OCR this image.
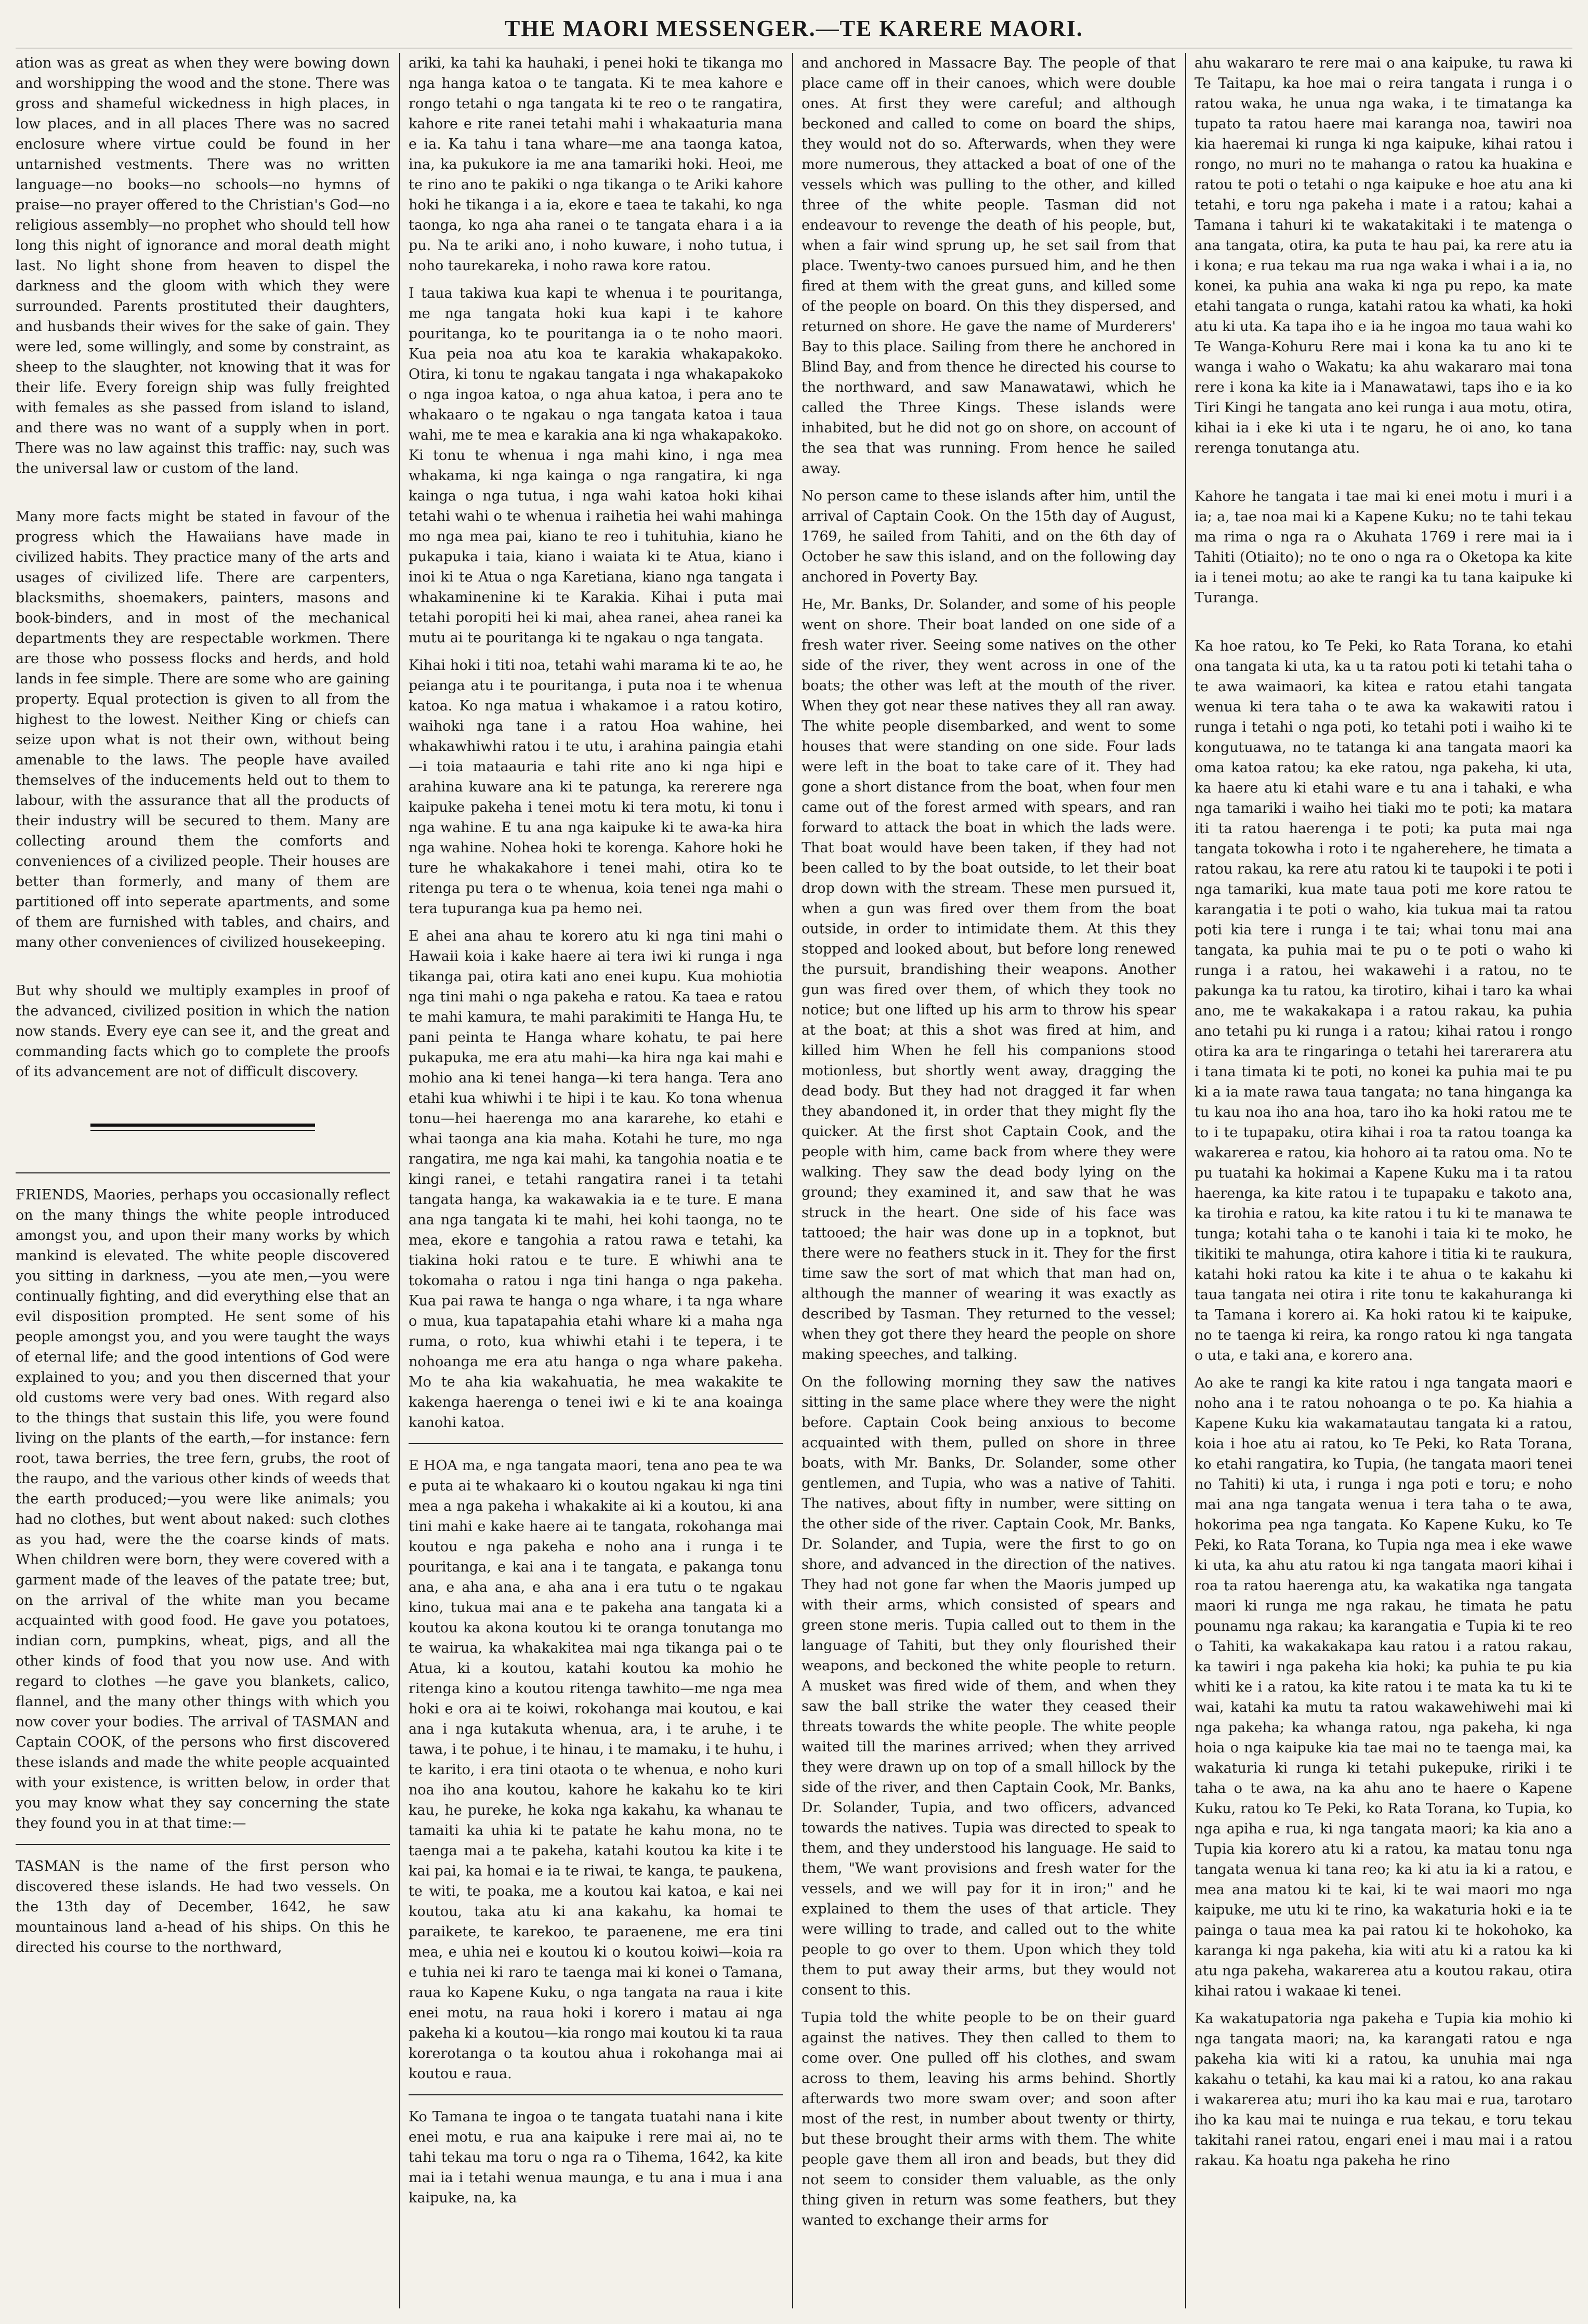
THE MAORI MESSENGER.—TE KARERE MAORI.

ation was as great as when they were bowing down and worshipping the wood and the stone. There was gross and shameful wickedness in high places, in low places, and in all places There was no sacred enclosure where virtue could be found in her untarnished vestments. There was no written language—no books—no schools—no hymns of praise—no prayer offered to the Christian's God—no religious assembly—no prophet who should tell how long this night of ignorance and moral death might last. No light shone from heaven to dispel the darkness and the gloom with which they were surrounded. Parents prostituted their daughters, and husbands their wives for the sake of gain. They were led, some willingly, and some by constraint, as sheep to the slaughter, not knowing that it was for their life. Every foreign ship was fully freighted with females as she passed from island to island, and there was no want of a supply when in port. There was no law against this traffic: nay, such was the universal law or custom of the land.

Many more facts might be stated in favour of the progress which the Hawaiians have made in civilized habits. They practice many of the arts and usages of civilized life. There are carpenters, blacksmiths, shoemakers, painters, masons and book-binders, and in most of the mechanical departments they are respectable workmen. There are those who possess flocks and herds, and hold lands in fee simple. There are some who are gaining property. Equal protection is given to all from the highest to the lowest. Neither King or chiefs can seize upon what is not their own, without being amenable to the laws. The people have availed themselves of the inducements held out to them to labour, with the assurance that all the products of their industry will be secured to them. Many are collecting around them the comforts and conveniences of a civilized people. Their houses are better than formerly, and many of them are partitioned off into seperate apartments, and some of them are furnished with tables, and chairs, and many other conveniences of civilized housekeeping.

But why should we multiply examples in proof of the advanced, civilized position in which the nation now stands. Every eye can see it, and the great and commanding facts which go to complete the proofs of its advancement are not of difficult discovery.

FRIENDS, Maories, perhaps you occasionally reflect on the many things the white people introduced amongst you, and upon their many works by which mankind is elevated. The white people discovered you sitting in darkness, —you ate men,—you were continually fighting, and did everything else that an evil disposition prompted. He sent some of his people amongst you, and you were taught the ways of eternal life; and the good intentions of God were explained to you; and you then discerned that your old customs were very bad ones. With regard also to the things that sustain this life, you were found living on the plants of the earth,—for instance: fern root, tawa berries, the tree fern, grubs, the root of the raupo, and the various other kinds of weeds that the earth produced;—you were like animals; you had no clothes, but went about naked: such clothes as you had, were the the coarse kinds of mats. When children were born, they were covered with a garment made of the leaves of the patate tree; but, on the arrival of the white man you became acquainted with good food. He gave you potatoes, indian corn, pumpkins, wheat, pigs, and all the other kinds of food that you now use. And with regard to clothes —he gave you blankets, calico, flannel, and the many other things with which you now cover your bodies. The arrival of TASMAN and Captain COOK, of the persons who first discovered these islands and made the white people acquainted with your existence, is written below, in order that you may know what they say concerning the state they found you in at that time:—

TASMAN is the name of the first person who discovered these islands. He had two vessels. On the 13th day of December, 1642, he saw mountainous land a-head of his ships. On this he directed his course to the northward,

ariki, ka tahi ka hauhaki, i penei hoki te tikanga mo nga hanga katoa o te tangata. Ki te mea kahore e rongo tetahi o nga tangata ki te reo o te rangatira, kahore e rite ranei tetahi mahi i whakaaturia mana e ia. Ka tahu i tana whare—me ana taonga katoa, ina, ka pukukore ia me ana tamariki hoki. Heoi, me te rino ano te pakiki o nga tikanga o te Ariki kahore hoki he tikanga i a ia, ekore e taea te takahi, ko nga taonga, ko nga aha ranei o te tangata ehara i a ia pu. Na te ariki ano, i noho kuware, i noho tutua, i noho taurekareka, i noho rawa kore ratou.

I taua takiwa kua kapi te whenua i te pouritanga, me nga tangata hoki kua kapi i te kahore pouritanga, ko te pouritanga ia o te noho maori. Kua peia noa atu koa te karakia whakapakoko. Otira, ki tonu te ngakau tangata i nga whakapakoko o nga ingoa katoa, o nga ahua katoa, i pera ano te whakaaro o te ngakau o nga tangata katoa i taua wahi, me te mea e karakia ana ki nga whakapakoko. Ki tonu te whenua i nga mahi kino, i nga mea whakama, ki nga kainga o nga rangatira, ki nga kainga o nga tutua, i nga wahi katoa hoki kihai tetahi wahi o te whenua i raihetia hei wahi mahinga mo nga mea pai, kiano te reo i tuhituhia, kiano he pukapuka i taia, kiano i waiata ki te Atua, kiano i inoi ki te Atua o nga Karetiana, kiano nga tangata i whakaminenine ki te Karakia. Kihai i puta mai tetahi poropiti hei ki mai, ahea ranei, ahea ranei ka mutu ai te pouritanga ki te ngakau o nga tangata.

Kihai hoki i titi noa, tetahi wahi marama ki te ao, he peianga atu i te pouritanga, i puta noa i te whenua katoa. Ko nga matua i whakamoe i a ratou kotiro, waihoki nga tane i a ratou Hoa wahine, hei whakawhiwhi ratou i te utu, i arahina paingia etahi—i toia mataauria e tahi rite ano ki nga hipi e arahina kuware ana ki te patunga, ka rererere nga kaipuke pakeha i tenei motu ki tera motu, ki tonu i nga wahine. E tu ana nga kaipuke ki te awa-ka hira nga wahine. Nohea hoki te korenga. Kahore hoki he ture he whakakahore i tenei mahi, otira ko te ritenga pu tera o te whenua, koia tenei nga mahi o tera tupuranga kua pa hemo nei.

E ahei ana ahau te korero atu ki nga tini mahi o Hawaii koia i kake haere ai tera iwi ki runga i nga tikanga pai, otira kati ano enei kupu. Kua mohiotia nga tini mahi o nga pakeha e ratou. Ka taea e ratou te mahi kamura, te mahi parakimiti te Hanga Hu, te pani peinta te Hanga whare kohatu, te pai here pukapuka, me era atu mahi—ka hira nga kai mahi e mohio ana ki tenei hanga—ki tera hanga. Tera ano etahi kua whiwhi i te hipi i te kau. Ko tona whenua tonu—hei haerenga mo ana kararehe, ko etahi e whai taonga ana kia maha. Kotahi he ture, mo nga rangatira, me nga kai mahi, ka tangohia noatia e te kingi ranei, e tetahi rangatira ranei i ta tetahi tangata hanga, ka wakawakia ia e te ture. E mana ana nga tangata ki te mahi, hei kohi taonga, no te mea, ekore e tangohia a ratou rawa e tetahi, ka tiakina hoki ratou e te ture. E whiwhi ana te tokomaha o ratou i nga tini hanga o nga pakeha. Kua pai rawa te hanga o nga whare, i ta nga whare o mua, kua tapatapahia etahi whare ki a maha nga ruma, o roto, kua whiwhi etahi i te tepera, i te nohoanga me era atu hanga o nga whare pakeha. Mo te aha kia wakahuatia, he mea wakakite te kakenga haerenga o tenei iwi e ki te ana koainga kanohi katoa.

E HOA ma, e nga tangata maori, tena ano pea te wa e puta ai te whakaaro ki o koutou ngakau ki nga tini mea a nga pakeha i whakakite ai ki a koutou, ki ana tini mahi e kake haere ai te tangata, rokohanga mai koutou e nga pakeha e noho ana i runga i te pouritanga, e kai ana i te tangata, e pakanga tonu ana, e aha ana, e aha ana i era tutu o te ngakau kino, tukua mai ana e te pakeha ana tangata ki a koutou ka akona koutou ki te oranga tonutanga mo te wairua, ka whakakitea mai nga tikanga pai o te Atua, ki a koutou, katahi koutou ka mohio he ritenga kino a koutou ritenga tawhito—me nga mea hoki e ora ai te koiwi, rokohanga mai koutou, e kai ana i nga kutakuta whenua, ara, i te aruhe, i te tawa, i te pohue, i te hinau, i te mamaku, i te huhu, i te karito, i era tini otaota o te whenua, e noho kuri noa iho ana koutou, kahore he kakahu ko te kiri kau, he pureke, he koka nga kakahu, ka whanau te tamaiti ka uhia ki te patate he kahu mona, no te taenga mai a te pakeha, katahi koutou ka kite i te kai pai, ka homai e ia te riwai, te kanga, te paukena, te witi, te poaka, me a koutou kai katoa, e kai nei koutou, taka atu ki ana kakahu, ka homai te paraikete, te karekoo, te paraenene, me era tini mea, e uhia nei e koutou ki o koutou koiwi—koia ra e tuhia nei ki raro te taenga mai ki konei o Tamana, raua ko Kapene Kuku, o nga tangata na raua i kite enei motu, na raua hoki i korero i matau ai nga pakeha ki a koutou—kia rongo mai koutou ki ta raua korerotanga o ta koutou ahua i rokohanga mai ai koutou e raua.

Ko Tamana te ingoa o te tangata tuatahi nana i kite enei motu, e rua ana kaipuke i rere mai ai, no te tahi tekau ma toru o nga ra o Tihema, 1642, ka kite mai ia i tetahi wenua maunga, e tu ana i mua i ana kaipuke, na, ka

and anchored in Massacre Bay. The people of that place came off in their canoes, which were double ones. At first they were careful; and although beckoned and called to come on board the ships, they would not do so. Afterwards, when they were more numerous, they attacked a boat of one of the vessels which was pulling to the other, and killed three of the white people. Tasman did not endeavour to revenge the death of his people, but, when a fair wind sprung up, he set sail from that place. Twenty-two canoes pursued him, and he then fired at them with the great guns, and killed some of the people on board. On this they dispersed, and returned on shore. He gave the name of Murderers' Bay to this place. Sailing from there he anchored in Blind Bay, and from thence he directed his course to the northward, and saw Manawatawi, which he called the Three Kings. These islands were inhabited, but he did not go on shore, on account of the sea that was running. From hence he sailed away.

No person came to these islands after him, until the arrival of Captain Cook. On the 15th day of August, 1769, he sailed from Tahiti, and on the 6th day of October he saw this island, and on the following day anchored in Poverty Bay.

He, Mr. Banks, Dr. Solander, and some of his people went on shore. Their boat landed on one side of a fresh water river. Seeing some natives on the other side of the river, they went across in one of the boats; the other was left at the mouth of the river. When they got near these natives they all ran away. The white people disembarked, and went to some houses that were standing on one side. Four lads were left in the boat to take care of it. They had gone a short distance from the boat, when four men came out of the forest armed with spears, and ran forward to attack the boat in which the lads were. That boat would have been taken, if they had not been called to by the boat outside, to let their boat drop down with the stream. These men pursued it, when a gun was fired over them from the boat outside, in order to intimidate them. At this they stopped and looked about, but before long renewed the pursuit, brandishing their weapons. Another gun was fired over them, of which they took no notice; but one lifted up his arm to throw his spear at the boat; at this a shot was fired at him, and killed him When he fell his companions stood motionless, but shortly went away, dragging the dead body. But they had not dragged it far when they abandoned it, in order that they might fly the quicker. At the first shot Captain Cook, and the people with him, came back from where they were walking. They saw the dead body lying on the ground; they examined it, and saw that he was struck in the heart. One side of his face was tattooed; the hair was done up in a topknot, but there were no feathers stuck in it. They for the first time saw the sort of mat which that man had on, although the manner of wearing it was exactly as described by Tasman. They returned to the vessel; when they got there they heard the people on shore making speeches, and talking.

On the following morning they saw the natives sitting in the same place where they were the night before. Captain Cook being anxious to become acquainted with them, pulled on shore in three boats, with Mr. Banks, Dr. Solander, some other gentlemen, and Tupia, who was a native of Tahiti. The natives, about fifty in number, were sitting on the other side of the river. Captain Cook, Mr. Banks, Dr. Solander, and Tupia, were the first to go on shore, and advanced in the direction of the natives. They had not gone far when the Maoris jumped up with their arms, which consisted of spears and green stone meris. Tupia called out to them in the language of Tahiti, but they only flourished their weapons, and beckoned the white people to return. A musket was fired wide of them, and when they saw the ball strike the water they ceased their threats towards the white people. The white people waited till the marines arrived; when they arrived they were drawn up on top of a small hillock by the side of the river, and then Captain Cook, Mr. Banks, Dr. Solander, Tupia, and two officers, advanced towards the natives. Tupia was directed to speak to them, and they understood his language. He said to them, "We want provisions and fresh water for the vessels, and we will pay for it in iron;" and he explained to them the uses of that article. They were willing to trade, and called out to the white people to go over to them. Upon which they told them to put away their arms, but they would not consent to this.

Tupia told the white people to be on their guard against the natives. They then called to them to come over. One pulled off his clothes, and swam across to them, leaving his arms behind. Shortly afterwards two more swam over; and soon after most of the rest, in number about twenty or thirty, but these brought their arms with them. The white people gave them all iron and beads, but they did not seem to consider them valuable, as the only thing given in return was some feathers, but they wanted to exchange their arms for

ahu wakararo te rere mai o ana kaipuke, tu rawa ki Te Taitapu, ka hoe mai o reira tangata i runga i o ratou waka, he unua nga waka, i te timatanga ka tupato ta ratou haere mai karanga noa, tawiri noa kia haeremai ki runga ki nga kaipuke, kihai ratou i rongo, no muri no te mahanga o ratou ka huakina e ratou te poti o tetahi o nga kaipuke e hoe atu ana ki tetahi, e toru nga pakeha i mate i a ratou; kahai a Tamana i tahuri ki te wakatakitaki i te matenga o ana tangata, otira, ka puta te hau pai, ka rere atu ia i kona; e rua tekau ma rua nga waka i whai i a ia, no konei, ka puhia ana waka ki nga pu repo, ka mate etahi tangata o runga, katahi ratou ka whati, ka hoki atu ki uta. Ka tapa iho e ia he ingoa mo taua wahi ko Te Wanga-Kohuru Rere mai i kona ka tu ano ki te wanga i waho o Wakatu; ka ahu wakararo mai tona rere i kona ka kite ia i Manawatawi, taps iho e ia ko Tiri Kingi he tangata ano kei runga i aua motu, otira, kihai ia i eke ki uta i te ngaru, he oi ano, ko tana rerenga tonutanga atu.

Kahore he tangata i tae mai ki enei motu i muri i a ia; a, tae noa mai ki a Kapene Kuku; no te tahi tekau ma rima o nga ra o Akuhata 1769 i rere mai ia i Tahiti (Otiaito); no te ono o nga ra o Oketopa ka kite ia i tenei motu; ao ake te rangi ka tu tana kaipuke ki Turanga.

Ka hoe ratou, ko Te Peki, ko Rata Torana, ko etahi ona tangata ki uta, ka u ta ratou poti ki tetahi taha o te awa waimaori, ka kitea e ratou etahi tangata wenua ki tera taha o te awa ka wakawiti ratou i runga i tetahi o nga poti, ko tetahi poti i waiho ki te kongutuawa, no te tatanga ki ana tangata maori ka oma katoa ratou; ka eke ratou, nga pakeha, ki uta, ka haere atu ki etahi ware e tu ana i tahaki, e wha nga tamariki i waiho hei tiaki mo te poti; ka matara iti ta ratou haerenga i te poti; ka puta mai nga tangata tokowha i roto i te ngaherehere, he timata a ratou rakau, ka rere atu ratou ki te taupoki i te poti i nga tamariki, kua mate taua poti me kore ratou te karangatia i te poti o waho, kia tukua mai ta ratou poti kia tere i runga i te tai; whai tonu mai ana tangata, ka puhia mai te pu o te poti o waho ki runga i a ratou, hei wakawehi i a ratou, no te pakunga ka tu ratou, ka tirotiro, kihai i taro ka whai ano, me te wakakakapa i a ratou rakau, ka puhia ano tetahi pu ki runga i a ratou; kihai ratou i rongo otira ka ara te ringaringa o tetahi hei tarerarera atu i tana timata ki te poti, no konei ka puhia mai te pu ki a ia mate rawa taua tangata; no tana hinganga ka tu kau noa iho ana hoa, taro iho ka hoki ratou me te to i te tupapaku, otira kihai i roa ta ratou toanga ka wakarerea e ratou, kia hohoro ai ta ratou oma. No te pu tuatahi ka hokimai a Kapene Kuku ma i ta ratou haerenga, ka kite ratou i te tupapaku e takoto ana, ka tirohia e ratou, ka kite ratou i tu ki te manawa te tunga; kotahi taha o te kanohi i taia ki te moko, he tikitiki te mahunga, otira kahore i titia ki te raukura, katahi hoki ratou ka kite i te ahua o te kakahu ki taua tangata nei otira i rite tonu te kakahuranga ki ta Tamana i korero ai. Ka hoki ratou ki te kaipuke, no te taenga ki reira, ka rongo ratou ki nga tangata o uta, e taki ana, e korero ana.

Ao ake te rangi ka kite ratou i nga tangata maori e noho ana i te ratou nohoanga o te po. Ka hiahia a Kapene Kuku kia wakamatautau tangata ki a ratou, koia i hoe atu ai ratou, ko Te Peki, ko Rata Torana, ko etahi rangatira, ko Tupia, (he tangata maori tenei no Tahiti) ki uta, i runga i nga poti e toru; e noho mai ana nga tangata wenua i tera taha o te awa, hokorima pea nga tangata. Ko Kapene Kuku, ko Te Peki, ko Rata Torana, ko Tupia nga mea i eke wawe ki uta, ka ahu atu ratou ki nga tangata maori kihai i roa ta ratou haerenga atu, ka wakatika nga tangata maori ki runga me nga rakau, he timata he patu pounamu nga rakau; ka karangatia e Tupia ki te reo o Tahiti, ka wakakakapa kau ratou i a ratou rakau, ka tawiri i nga pakeha kia hoki; ka puhia te pu kia whiti ke i a ratou, ka kite ratou i te mata ka tu ki te wai, katahi ka mutu ta ratou wakawehiwehi mai ki nga pakeha; ka whanga ratou, nga pakeha, ki nga hoia o nga kaipuke kia tae mai no te taenga mai, ka wakaturia ki runga ki tetahi pukepuke, ririki i te taha o te awa, na ka ahu ano te haere o Kapene Kuku, ratou ko Te Peki, ko Rata Torana, ko Tupia, ko nga apiha e rua, ki nga tangata maori; ka kia ano a Tupia kia korero atu ki a ratou, ka matau tonu nga tangata wenua ki tana reo; ka ki atu ia ki a ratou, e mea ana matou ki te kai, ki te wai maori mo nga kaipuke, me utu ki te rino, ka wakaturia hoki e ia te painga o taua mea ka pai ratou ki te hokohoko, ka karanga ki nga pakeha, kia witi atu ki a ratou ka ki atu nga pakeha, wakarerea atu a koutou rakau, otira kihai ratou i wakaae ki tenei.

Ka wakatupatoria nga pakeha e Tupia kia mohio ki nga tangata maori; na, ka karangati ratou e nga pakeha kia witi ki a ratou, ka unuhia mai nga kakahu o tetahi, ka kau mai ki a ratou, ko ana rakau i wakarerea atu; muri iho ka kau mai e rua, tarotaro iho ka kau mai te nuinga e rua tekau, e toru tekau takitahi ranei ratou, engari enei i mau mai i a ratou rakau. Ka hoatu nga pakeha he rino
